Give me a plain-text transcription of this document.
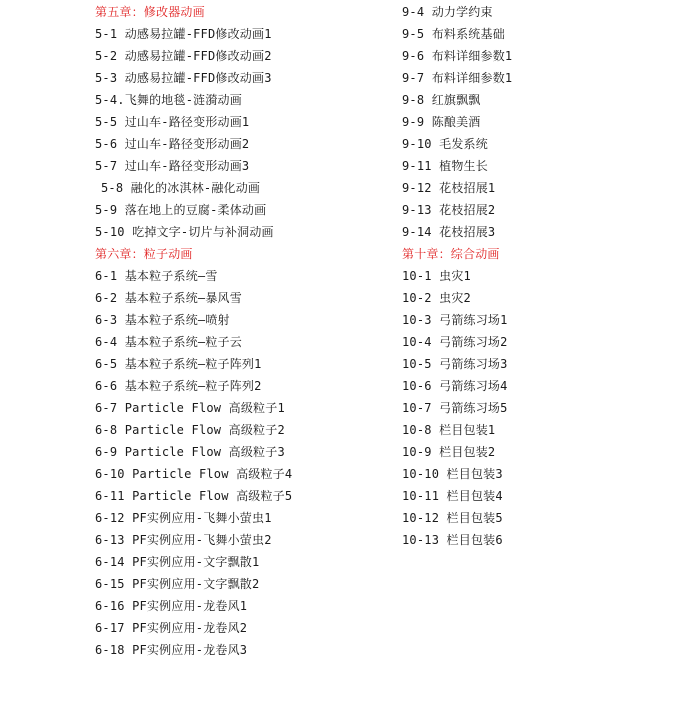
第五章：修改器动画
5-1 动感易拉罐-FFD修改动画1
5-2 动感易拉罐-FFD修改动画2
5-3 动感易拉罐-FFD修改动画3
5-4.飞舞的地毯-涟漪动画
5-5 过山车-路径变形动画1
5-6 过山车-路径变形动画2
5-7 过山车-路径变形动画3
5-8 融化的冰淇林-融化动画
5-9 落在地上的豆腐-柔体动画
5-10 吃掉文字-切片与补洞动画
第六章：粒子动画
6-1 基本粒子系统—雪
6-2 基本粒子系统—暴风雪
6-3 基本粒子系统—喷射
6-4 基本粒子系统—粒子云
6-5 基本粒子系统—粒子阵列1
6-6 基本粒子系统—粒子阵列2
6-7 Particle Flow 高级粒子1
6-8 Particle Flow 高级粒子2
6-9 Particle Flow 高级粒子3
6-10 Particle Flow 高级粒子4
6-11 Particle Flow 高级粒子5
6-12 PF实例应用-飞舞小萤虫1
6-13 PF实例应用-飞舞小萤虫2
6-14 PF实例应用-文字飘散1
6-15 PF实例应用-文字飘散2
6-16 PF实例应用-龙卷风1
6-17 PF实例应用-龙卷风2
6-18 PF实例应用-龙卷风3
9-4 动力学约束
9-5 布料系统基础
9-6 布料详细参数1
9-7 布料详细参数1
9-8 红旗飘飘
9-9 陈酿美酒
9-10 毛发系统
9-11 植物生长
9-12 花枝招展1
9-13 花枝招展2
9-14 花枝招展3
第十章：综合动画
10-1 虫灾1
10-2 虫灾2
10-3 弓箭练习场1
10-4 弓箭练习场2
10-5 弓箭练习场3
10-6 弓箭练习场4
10-7 弓箭练习场5
10-8 栏目包装1
10-9 栏目包装2
10-10 栏目包装3
10-11 栏目包装4
10-12 栏目包装5
10-13 栏目包装6
